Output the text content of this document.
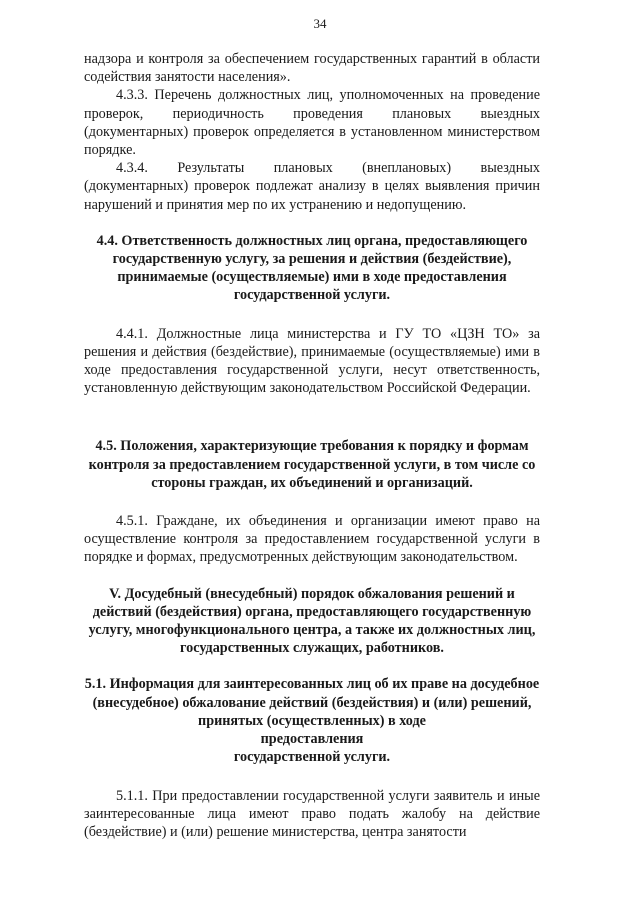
34

надзора и контроля за обеспечением государственных гарантий в области содействия занятости населения».

4.3.3. Перечень должностных лиц, уполномоченных на проведение проверок, периодичность проведения плановых выездных (документарных) проверок определяется в установленном министерством порядке.

4.3.4. Результаты плановых (внеплановых) выездных (документарных) проверок подлежат анализу в целях выявления причин нарушений и принятия мер по их устранению и недопущению.

4.4. Ответственность должностных лиц органа, предоставляющего государственную услугу, за решения и действия (бездействие), принимаемые (осуществляемые) ими в ходе предоставления государственной услуги.

4.4.1. Должностные лица министерства и ГУ ТО «ЦЗН ТО» за решения и действия (бездействие), принимаемые (осуществляемые) ими в ходе предоставления государственной услуги, несут ответственность, установленную действующим законодательством Российской Федерации.

4.5. Положения, характеризующие требования к порядку и формам контроля за предоставлением государственной услуги, в том числе со стороны граждан, их объединений и организаций.

4.5.1. Граждане, их объединения и организации имеют право на осуществление контроля за предоставлением государственной услуги в порядке и формах, предусмотренных действующим законодательством.

V. Досудебный (внесудебный) порядок обжалования решений и действий (бездействия) органа, предоставляющего государственную услугу, многофункционального центра, а также их должностных лиц, государственных служащих, работников.

5.1. Информация для заинтересованных лиц об их праве на досудебное (внесудебное) обжалование действий (бездействия) и (или) решений, принятых (осуществленных) в ходе

предоставления

государственной услуги.

5.1.1. При предоставлении государственной услуги заявитель и иные заинтересованные лица имеют право подать жалобу на действие (бездействие) и (или) решение министерства, центра занятости
